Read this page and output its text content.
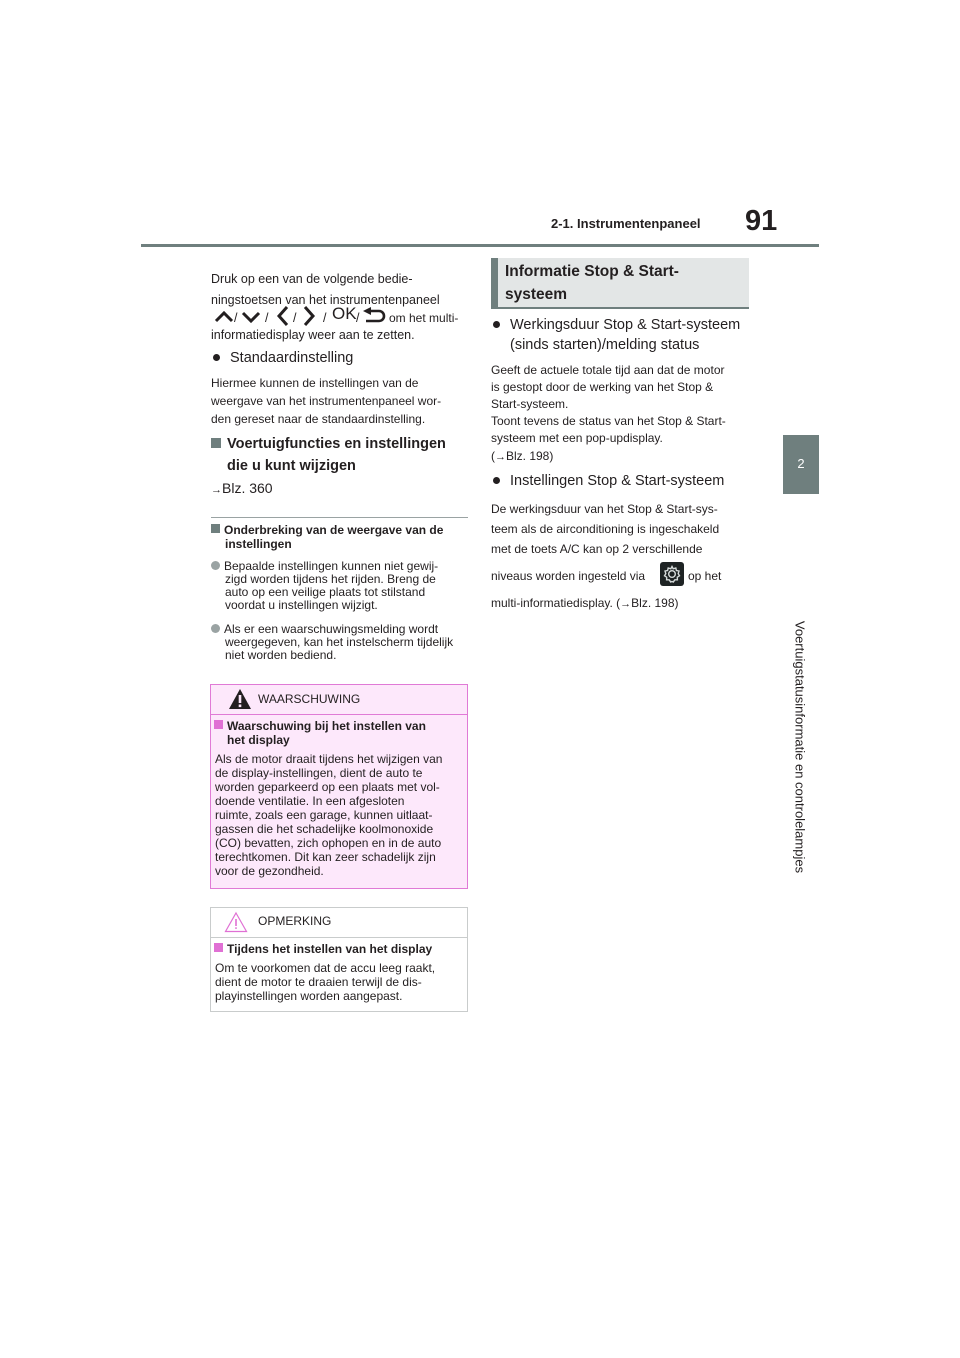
2-1. Instrumentenpaneel 91
2
Voertuigstatusinformatie en controlelampjes
Druk op een van de volgende bedie-
ningstoetsen van het instrumentenpaneel
/ / / / OK / om het multi-
informatiedisplay weer aan te zetten.
Standaardinstelling
Hiermee kunnen de instellingen van de
weergave van het instrumentenpaneel wor-
den gereset naar de standaardinstelling.
Voertuigfuncties en instellingen
die u kunt wijzigen
→Blz. 360
Onderbreking van de weergave van de
instellingen
Bepaalde instellingen kunnen niet gewij-
zigd worden tijdens het rijden. Breng de
auto op een veilige plaats tot stilstand
voordat u instellingen wijzigt.
Als er een waarschuwingsmelding wordt
weergegeven, kan het instelscherm tijdelijk
niet worden bediend.
WAARSCHUWING
Waarschuwing bij het instellen van
het display
Als de motor draait tijdens het wijzigen van
de display-instellingen, dient de auto te
worden geparkeerd op een plaats met vol-
doende ventilatie. In een afgesloten
ruimte, zoals een garage, kunnen uitlaat-
gassen die het schadelijke koolmonoxide
(CO) bevatten, zich ophopen en in de auto
terechtkomen. Dit kan zeer schadelijk zijn
voor de gezondheid.
OPMERKING
Tijdens het instellen van het display
Om te voorkomen dat de accu leeg raakt,
dient de motor te draaien terwijl de dis-
playinstellingen worden aangepast.
Informatie Stop & Start-
systeem
Werkingsduur Stop & Start-systeem
(sinds starten)/melding status
Geeft de actuele totale tijd aan dat de motor
is gestopt door de werking van het Stop &
Start-systeem.
Toont tevens de status van het Stop & Start-
systeem met een pop-updisplay.
(→Blz. 198)
Instellingen Stop & Start-systeem
De werkingsduur van het Stop & Start-sys-
teem als de airconditioning is ingeschakeld
met de toets A/C kan op 2 verschillende
niveaus worden ingesteld via	op het
multi-informatiedisplay. (→Blz. 198)
